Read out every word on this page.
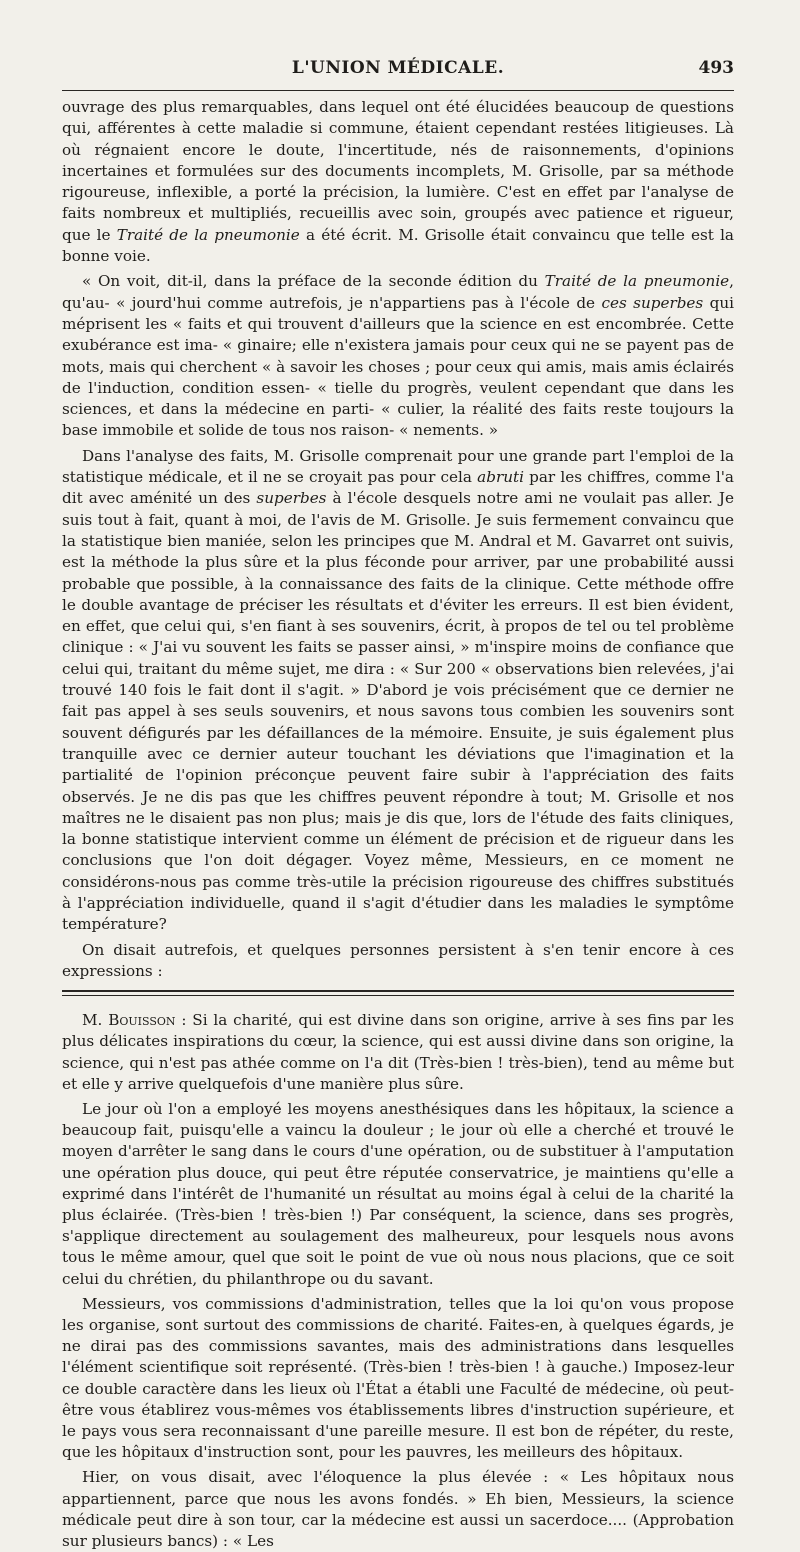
L'UNION MÉDICALE.	493

ouvrage des plus remarquables, dans lequel ont été élucidées beaucoup de questions qui, afférentes à cette maladie si commune, étaient cependant restées litigieuses. Là où régnaient encore le doute, l'incertitude, nés de raisonnements, d'opinions incertaines et formulées sur des documents incomplets, M. Grisolle, par sa méthode rigoureuse, inflexible, a porté la précision, la lumière. C'est en effet par l'analyse de faits nombreux et multipliés, recueillis avec soin, groupés avec patience et rigueur, que le Traité de la pneumonie a été écrit. M. Grisolle était convaincu que telle est la bonne voie.

« On voit, dit-il, dans la préface de la seconde édition du Traité de la pneumonie, qu'au- « jourd'hui comme autrefois, je n'appartiens pas à l'école de ces superbes qui méprisent les « faits et qui trouvent d'ailleurs que la science en est encombrée. Cette exubérance est ima- « ginaire; elle n'existera jamais pour ceux qui ne se payent pas de mots, mais qui cherchent « à savoir les choses ; pour ceux qui amis, mais amis éclairés de l'induction, condition essen- « tielle du progrès, veulent cependant que dans les sciences, et dans la médecine en parti- « culier, la réalité des faits reste toujours la base immobile et solide de tous nos raison- « nements. »

Dans l'analyse des faits, M. Grisolle comprenait pour une grande part l'emploi de la statistique médicale, et il ne se croyait pas pour cela abruti par les chiffres, comme l'a dit avec aménité un des superbes à l'école desquels notre ami ne voulait pas aller. Je suis tout à fait, quant à moi, de l'avis de M. Grisolle. Je suis fermement convaincu que la statistique bien maniée, selon les principes que M. Andral et M. Gavarret ont suivis, est la méthode la plus sûre et la plus féconde pour arriver, par une probabilité aussi probable que possible, à la connaissance des faits de la clinique. Cette méthode offre le double avantage de préciser les résultats et d'éviter les erreurs. Il est bien évident, en effet, que celui qui, s'en fiant à ses souvenirs, écrit, à propos de tel ou tel problème clinique : « J'ai vu souvent les faits se passer ainsi, » m'inspire moins de confiance que celui qui, traitant du même sujet, me dira : « Sur 200 « observations bien relevées, j'ai trouvé 140 fois le fait dont il s'agit. » D'abord je vois précisément que ce dernier ne fait pas appel à ses seuls souvenirs, et nous savons tous combien les souvenirs sont souvent défigurés par les défaillances de la mémoire. Ensuite, je suis également plus tranquille avec ce dernier auteur touchant les déviations que l'imagination et la partialité de l'opinion préconçue peuvent faire subir à l'appréciation des faits observés. Je ne dis pas que les chiffres peuvent répondre à tout; M. Grisolle et nos maîtres ne le disaient pas non plus; mais je dis que, lors de l'étude des faits cliniques, la bonne statistique intervient comme un élément de précision et de rigueur dans les conclusions que l'on doit dégager. Voyez même, Messieurs, en ce moment ne considérons-nous pas comme très-utile la précision rigoureuse des chiffres substitués à l'appréciation individuelle, quand il s'agit d'étudier dans les maladies le symptôme température?

On disait autrefois, et quelques personnes persistent à s'en tenir encore à ces expressions :

M. Bouisson : Si la charité, qui est divine dans son origine, arrive à ses fins par les plus délicates inspirations du cœur, la science, qui est aussi divine dans son origine, la science, qui n'est pas athée comme on l'a dit (Très-bien ! très-bien), tend au même but et elle y arrive quelquefois d'une manière plus sûre.

Le jour où l'on a employé les moyens anesthésiques dans les hôpitaux, la science a beaucoup fait, puisqu'elle a vaincu la douleur ; le jour où elle a cherché et trouvé le moyen d'arrêter le sang dans le cours d'une opération, ou de substituer à l'amputation une opération plus douce, qui peut être réputée conservatrice, je maintiens qu'elle a exprimé dans l'intérêt de l'humanité un résultat au moins égal à celui de la charité la plus éclairée. (Très-bien ! très-bien !) Par conséquent, la science, dans ses progrès, s'applique directement au soulagement des malheureux, pour lesquels nous avons tous le même amour, quel que soit le point de vue où nous nous placions, que ce soit celui du chrétien, du philanthrope ou du savant.

Messieurs, vos commissions d'administration, telles que la loi qu'on vous propose les organise, sont surtout des commissions de charité. Faites-en, à quelques égards, je ne dirai pas des commissions savantes, mais des administrations dans lesquelles l'élément scientifique soit représenté. (Très-bien ! très-bien ! à gauche.) Imposez-leur ce double caractère dans les lieux où l'État a établi une Faculté de médecine, où peut-être vous établirez vous-mêmes vos établissements libres d'instruction supérieure, et le pays vous sera reconnaissant d'une pareille mesure. Il est bon de répéter, du reste, que les hôpitaux d'instruction sont, pour les pauvres, les meilleurs des hôpitaux.

Hier, on vous disait, avec l'éloquence la plus élevée : « Les hôpitaux nous appartiennent, parce que nous les avons fondés. » Eh bien, Messieurs, la science médicale peut dire à son tour, car la médecine est aussi un sacerdoce.... (Approbation sur plusieurs bancs) : « Les
